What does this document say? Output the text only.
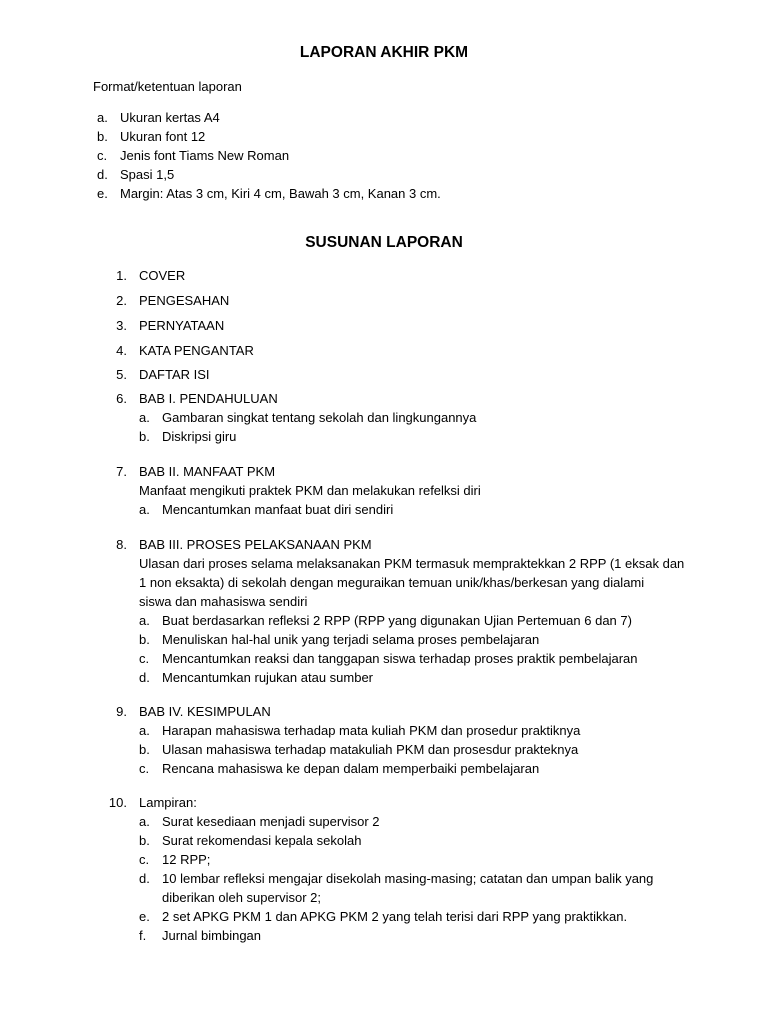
LAPORAN AKHIR PKM
Format/ketentuan laporan
a. Ukuran kertas A4
b. Ukuran font 12
c. Jenis font Tiams New Roman
d. Spasi 1,5
e. Margin: Atas 3 cm, Kiri 4 cm, Bawah 3 cm, Kanan 3 cm.
SUSUNAN LAPORAN
1. COVER
2. PENGESAHAN
3. PERNYATAAN
4. KATA PENGANTAR
5. DAFTAR ISI
6. BAB I. PENDAHULUAN
a. Gambaran singkat tentang sekolah dan lingkungannya
b. Diskripsi giru
7. BAB II. MANFAAT PKM
Manfaat mengikuti praktek PKM dan melakukan refelksi diri
a. Mencantumkan manfaat buat diri sendiri
8. BAB III. PROSES PELAKSANAAN PKM
Ulasan dari proses selama melaksanakan PKM termasuk mempraktekkan 2 RPP (1 eksak dan
1 non eksakta) di sekolah dengan meguraikan temuan unik/khas/berkesan yang dialami
siswa dan mahasiswa sendiri
a. Buat berdasarkan refleksi 2 RPP (RPP yang digunakan Ujian Pertemuan 6 dan 7)
b. Menuliskan hal-hal unik yang terjadi selama proses pembelajaran
c. Mencantumkan reaksi dan tanggapan siswa terhadap proses praktik pembelajaran
d. Mencantumkan rujukan atau sumber
9. BAB IV. KESIMPULAN
a. Harapan mahasiswa terhadap mata kuliah PKM dan prosedur praktiknya
b. Ulasan mahasiswa terhadap matakuliah PKM dan prosesdur prakteknya
c. Rencana mahasiswa ke depan dalam memperbaiki pembelajaran
10. Lampiran:
a. Surat kesediaan menjadi supervisor 2
b. Surat rekomendasi kepala sekolah
c. 12 RPP;
d. 10 lembar refleksi mengajar disekolah masing-masing; catatan dan umpan balik yang
diberikan oleh supervisor 2;
e. 2 set APKG PKM 1 dan APKG PKM 2 yang telah terisi dari RPP yang praktikkan.
f. Jurnal bimbingan
